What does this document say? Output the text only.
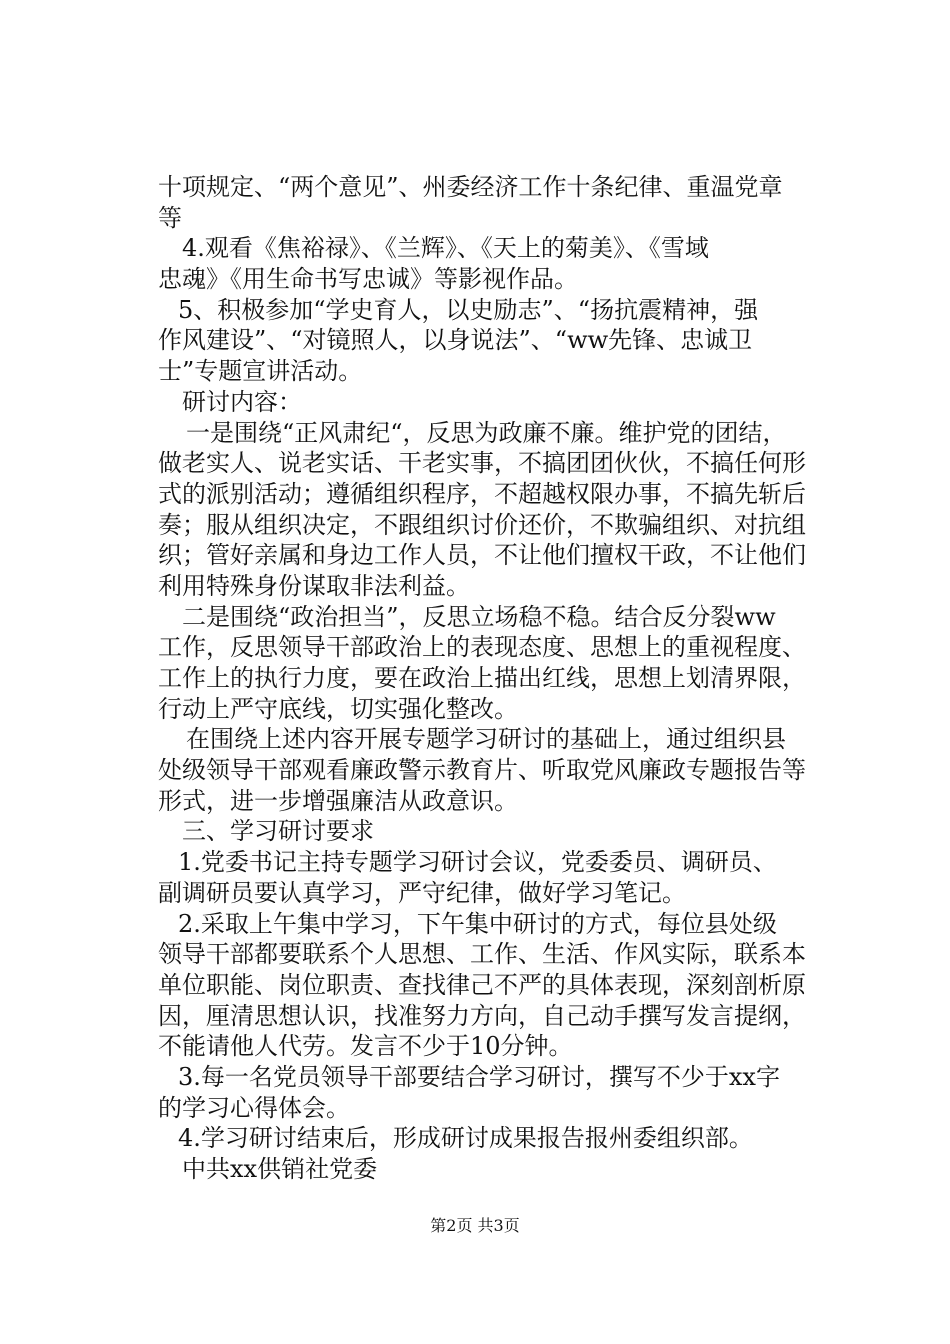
十项规定、“两个意见”、州委经济工作十条纪律、重温党章
等
4.观看《焦裕禄》、《兰辉》、《天上的菊美》、《雪域
忠魂》《用生命书写忠诚》等影视作品。
5、积极参加“学史育人，以史励志”、“扬抗震精神，强
作风建设”、“对镜照人，以身说法”、“ww先锋、忠诚卫
士”专题宣讲活动。
研讨内容：
一是围绕“正风肃纪“，反思为政廉不廉。维护党的团结，
做老实人、说老实话、干老实事，不搞团团伙伙，不搞任何形
式的派别活动；遵循组织程序，不超越权限办事，不搞先斩后
奏；服从组织决定，不跟组织讨价还价，不欺骗组织、对抗组
织；管好亲属和身边工作人员，不让他们擅权干政，不让他们
利用特殊身份谋取非法利益。
二是围绕“政治担当”，反思立场稳不稳。结合反分裂ww
工作，反思领导干部政治上的表现态度、思想上的重视程度、
工作上的执行力度，要在政治上描出红线，思想上划清界限，
行动上严守底线，切实强化整改。
在围绕上述内容开展专题学习研讨的基础上，通过组织县
处级领导干部观看廉政警示教育片、听取党风廉政专题报告等
形式，进一步增强廉洁从政意识。
三、学习研讨要求
1.党委书记主持专题学习研讨会议，党委委员、调研员、
副调研员要认真学习，严守纪律，做好学习笔记。
2.采取上午集中学习，下午集中研讨的方式，每位县处级
领导干部都要联系个人思想、工作、生活、作风实际，联系本
单位职能、岗位职责、查找律己不严的具体表现，深刻剖析原
因，厘清思想认识，找准努力方向，自己动手撰写发言提纲，
不能请他人代劳。发言不少于10分钟。
3.每一名党员领导干部要结合学习研讨，撰写不少于xx字
的学习心得体会。
4.学习研讨结束后，形成研讨成果报告报州委组织部。
中共xx供销社党委
第2页 共3页
